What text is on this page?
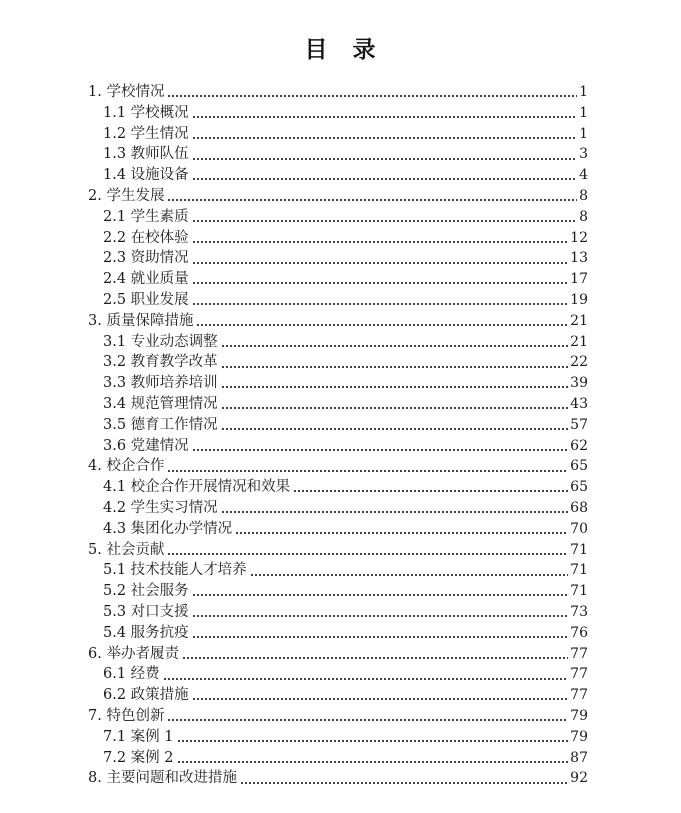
目 录
1. 学校情况	1
1.1 学校概况	1
1.2 学生情况	1
1.3 教师队伍	3
1.4 设施设备	4
2. 学生发展	8
2.1 学生素质	8
2.2 在校体验	12
2.3 资助情况	13
2.4 就业质量	17
2.5 职业发展	19
3. 质量保障措施	21
3.1 专业动态调整	21
3.2 教育教学改革	22
3.3 教师培养培训	39
3.4 规范管理情况	43
3.5 德育工作情况	57
3.6 党建情况	62
4. 校企合作	65
4.1 校企合作开展情况和效果	65
4.2 学生实习情况	68
4.3 集团化办学情况	70
5. 社会贡献	71
5.1 技术技能人才培养	71
5.2 社会服务	71
5.3 对口支援	73
5.4 服务抗疫	76
6. 举办者履责	77
6.1 经费	77
6.2 政策措施	77
7. 特色创新	79
7.1 案例 1	79
7.2 案例 2	87
8. 主要问题和改进措施	92
